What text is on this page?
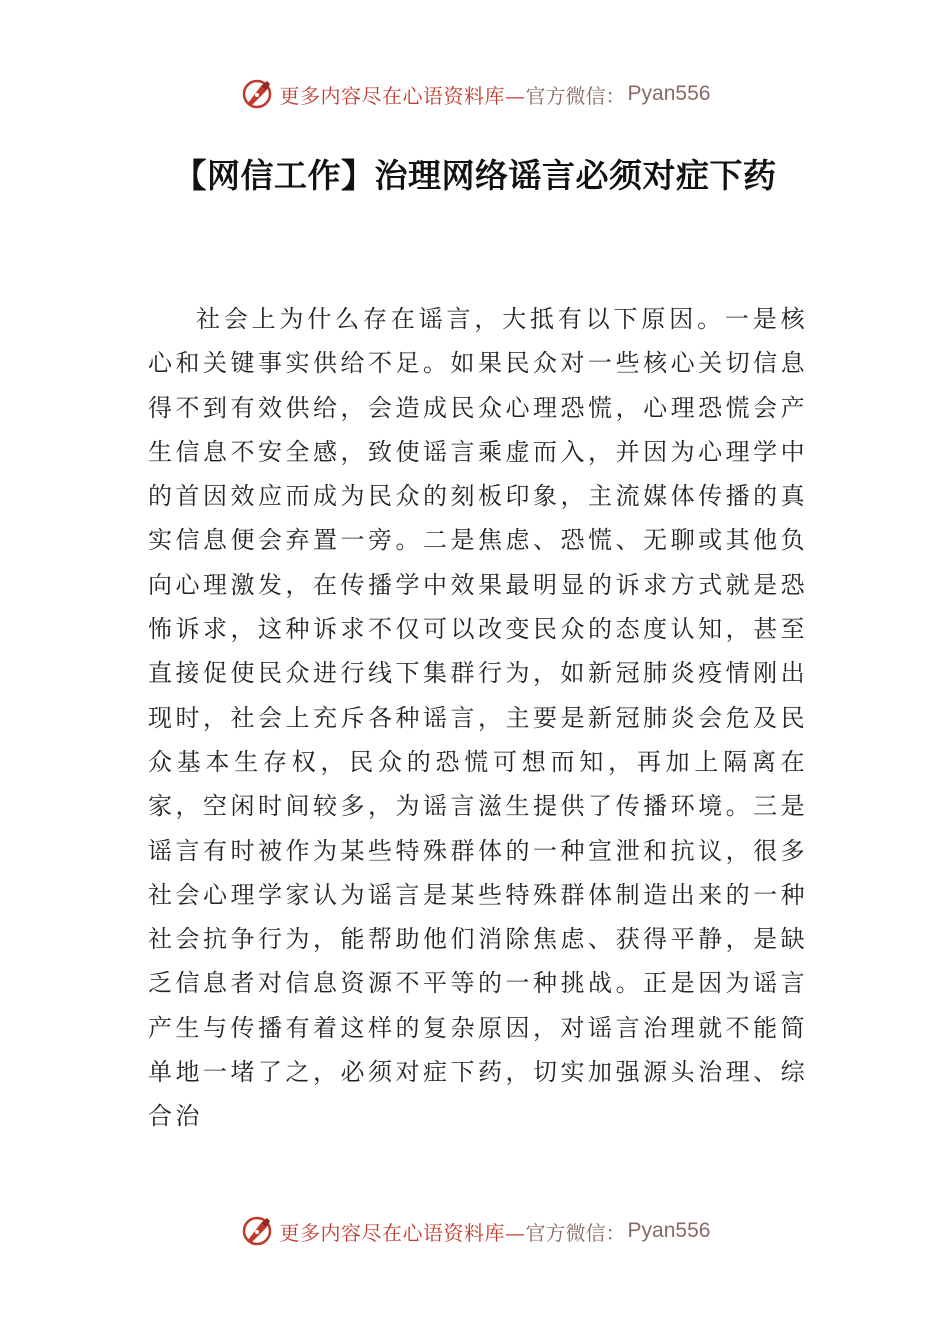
更多内容尽在心语资料库— 官方微信： Pyan556
【网信工作】治理网络谣言必须对症下药

社会上为什么存在谣言，大抵有以下原因。一是核心和关键事实供给不足。如果民众对一些核心关切信息得不到有效供给，会造成民众心理恐慌，心理恐慌会产生信息不安全感，致使谣言乘虚而入，并因为心理学中的首因效应而成为民众的刻板印象，主流媒体传播的真实信息便会弃置一旁。二是焦虑、恐慌、无聊或其他负向心理激发，在传播学中效果最明显的诉求方式就是恐怖诉求，这种诉求不仅可以改变民众的态度认知，甚至直接促使民众进行线下集群行为，如新冠肺炎疫情刚出现时，社会上充斥各种谣言，主要是新冠肺炎会危及民众基本生存权，民众的恐慌可想而知，再加上隔离在家，空闲时间较多，为谣言滋生提供了传播环境。三是谣言有时被作为某些特殊群体的一种宣泄和抗议，很多社会心理学家认为谣言是某些特殊群体制造出来的一种社会抗争行为，能帮助他们消除焦虑、获得平静，是缺乏信息者对信息资源不平等的一种挑战。正是因为谣言产生与传播有着这样的复杂原因，对谣言治理就不能简单地一堵了之，必须对症下药，切实加强源头治理、综合治

更多内容尽在心语资料库— 官方微信： Pyan556
